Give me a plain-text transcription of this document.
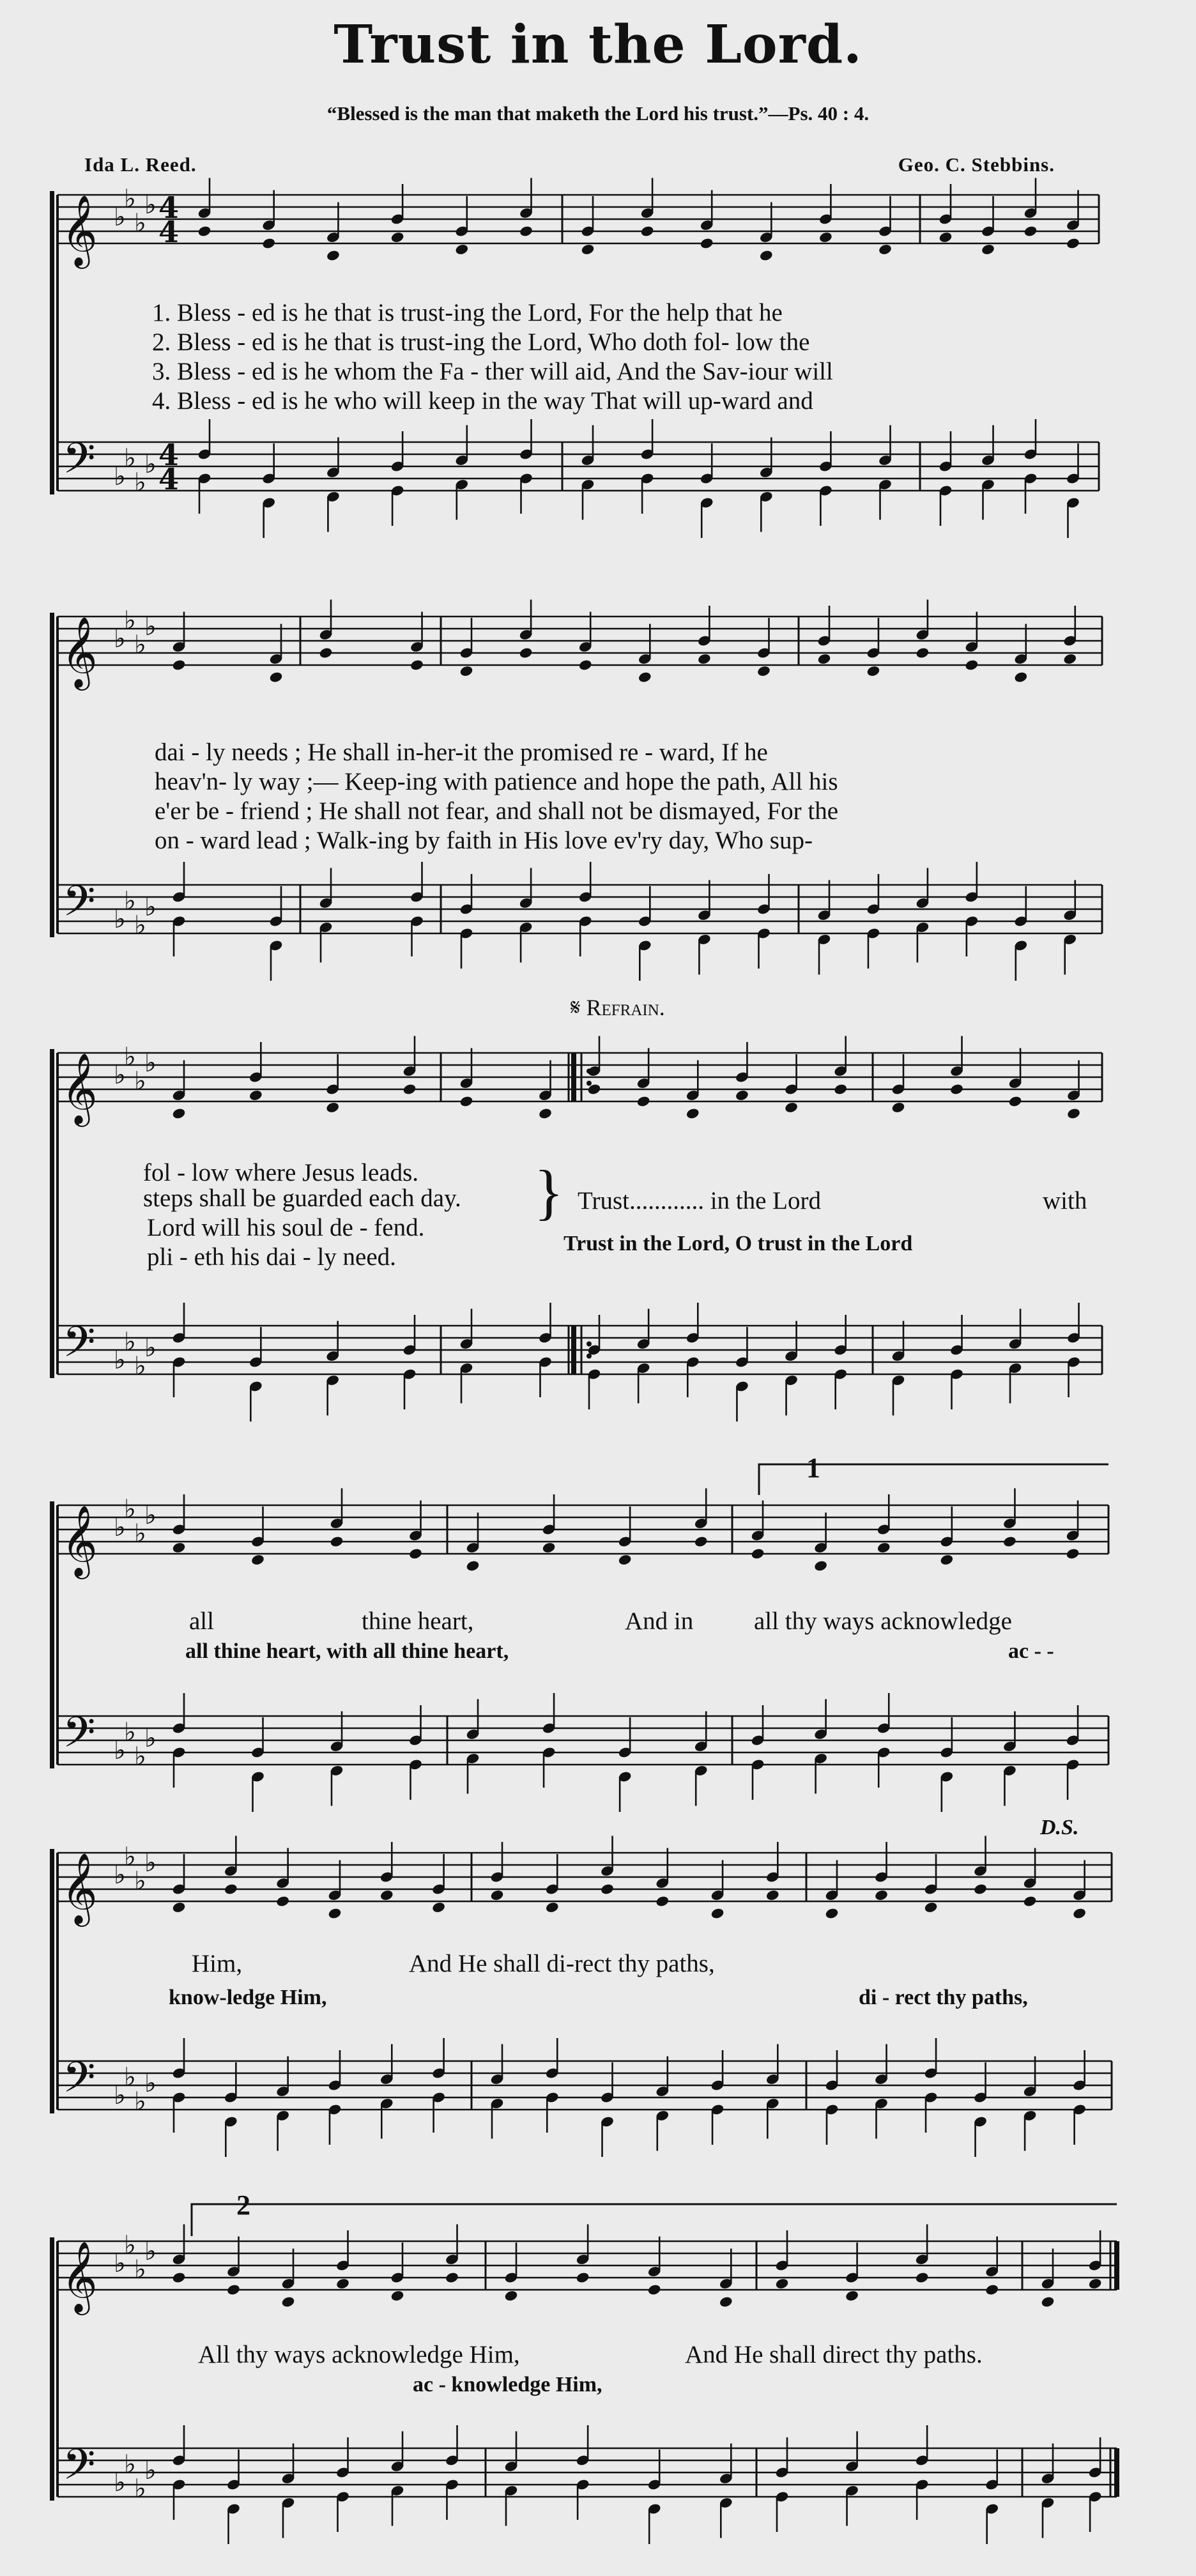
Trust in the Lord.
“Blessed is the man that maketh the Lord his trust.”—Ps. 40 : 4.
Ida L. Reed.	Geo. C. Stebbins.
𝄞
𝄢
♭
♭
♭
♭
♭
♭
♭
♭
4
4
4
4
𝄞
𝄢
♭
♭
♭
♭
♭
♭
♭
♭
𝄞
𝄢
♭
♭
♭
♭
♭
♭
♭
♭
𝄞
𝄢
♭
♭
♭
♭
♭
♭
♭
♭
𝄞
𝄢
♭
♭
♭
♭
♭
♭
♭
♭
𝄞
𝄢
♭
♭
♭
♭
♭
♭
♭
♭
1. Bless - ed is he that is trust-ing the Lord, For the help that he
2. Bless - ed is he that is trust-ing the Lord, Who doth fol- low the
3. Bless - ed is he whom the Fa - ther will aid, And the Sav-iour will
4. Bless - ed is he who will keep in the way That will up-ward and
dai - ly needs ; He shall in-her-it the promised re - ward, If he
heav'n- ly way ;— Keep-ing with patience and hope the path, All his
e'er be - friend ; He shall not fear, and shall not be dismayed, For the
on - ward lead ; Walk-ing by faith in His love ev'ry day, Who sup-
𝄋 Refrain.
fol - low where Jesus leads.
steps shall be guarded each day.
Lord will his soul de - fend.
pli - eth his dai - ly need.
} Trust............ in the Lord	with
Trust in the Lord, O trust in the Lord
all	thine heart,	And in all thy ways acknowledge
all thine heart, with all thine heart,	ac - -
D.S.
Him,	And He shall di-rect thy paths,
know-ledge Him,	di - rect thy paths,
All thy ways acknowledge Him,	And He shall direct thy paths.
ac - knowledge Him,
1
2
